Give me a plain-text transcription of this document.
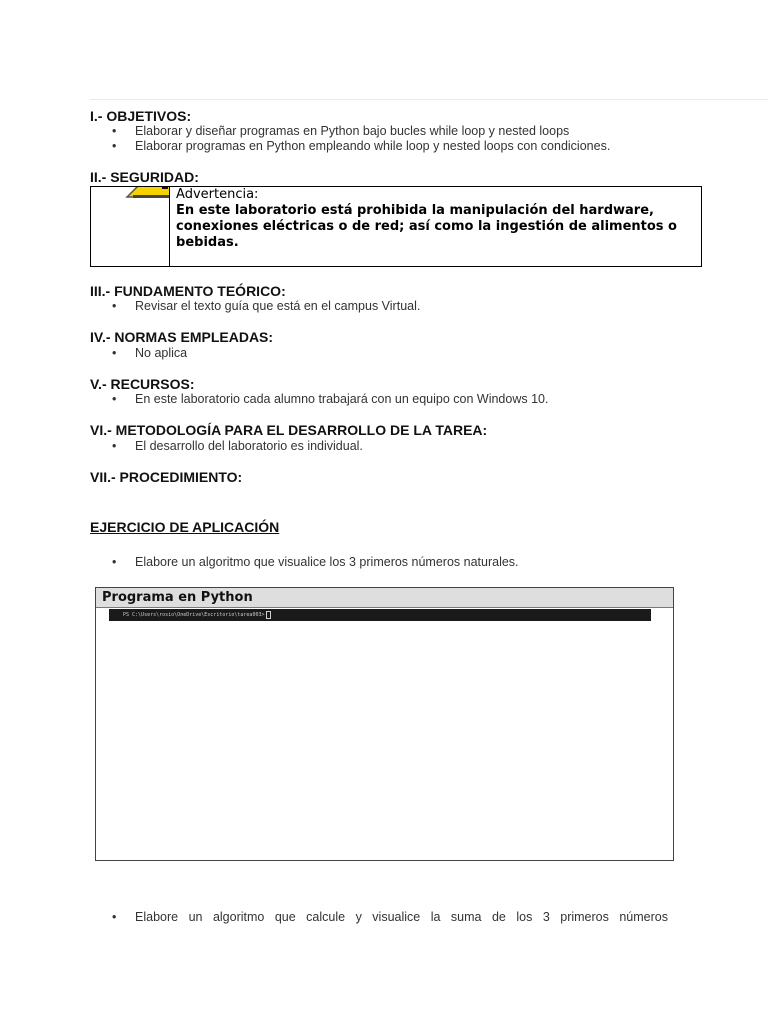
I.- OBJETIVOS:
• Elaborar y diseñar programas en Python bajo bucles while loop y nested loops
• Elaborar programas en Python empleando while loop y nested loops con condiciones.
II.- SEGURIDAD:
Advertencia:
En este laboratorio está prohibida la manipulación del hardware, conexiones eléctricas o de red; así como la ingestión de alimentos o bebidas.
III.- FUNDAMENTO TEÓRICO:
• Revisar el texto guía que está en el campus Virtual.
IV.- NORMAS EMPLEADAS:
• No aplica
V.- RECURSOS:
• En este laboratorio cada alumno trabajará con un equipo con Windows 10.
VI.- METODOLOGÍA PARA EL DESARROLLO DE LA TAREA:
• El desarrollo del laboratorio es individual.
VII.- PROCEDIMIENTO:
EJERCICIO DE APLICACIÓN
• Elabore un algoritmo que visualice los 3 primeros números naturales.
Programa en Python
PS C:\Users\rosio\OneDrive\Escritorio\tarea003>
• Elabore un algoritmo que calcule y visualice la suma de los 3 primeros números
